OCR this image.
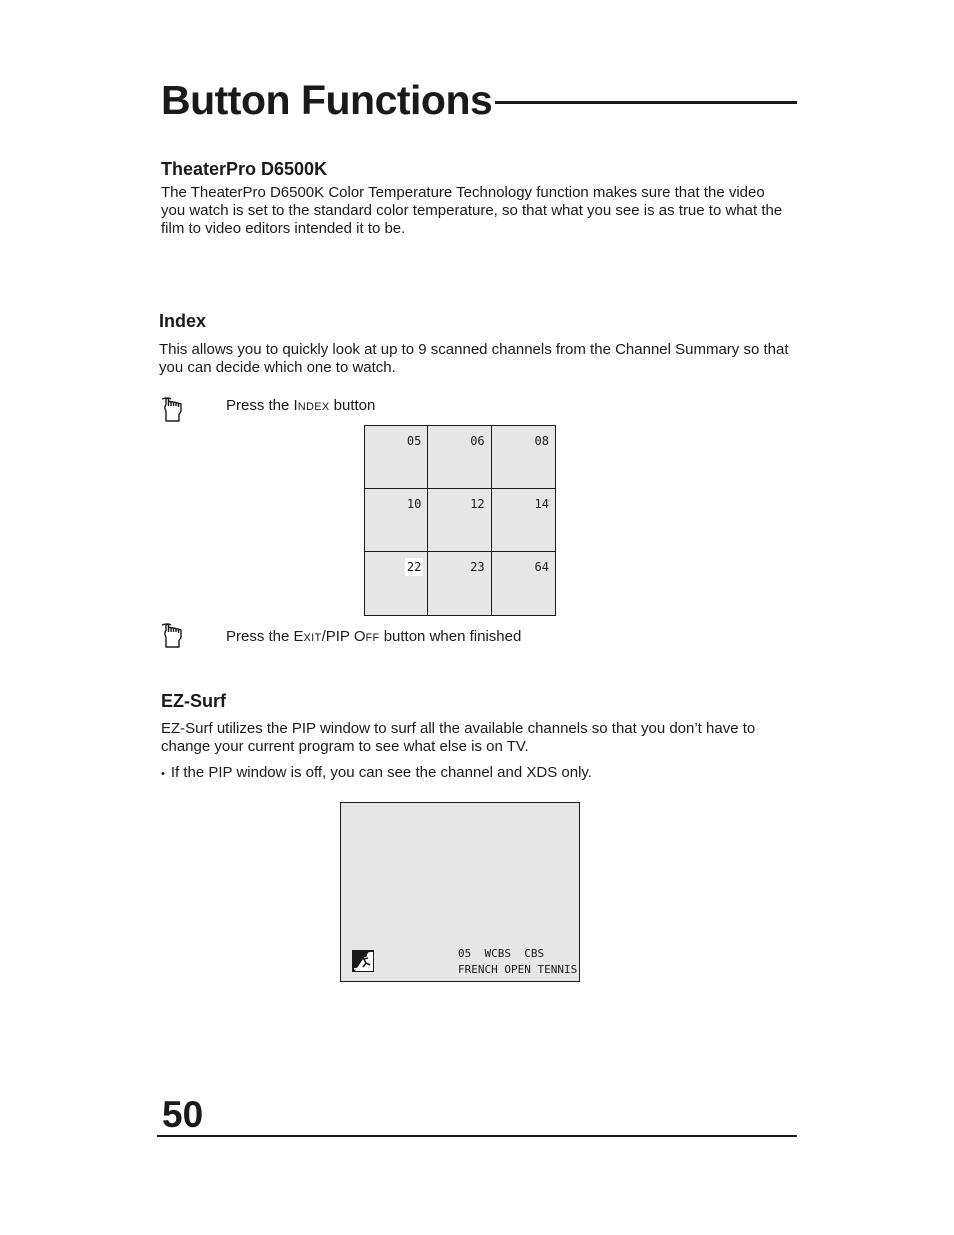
Button Functions
TheaterPro D6500K

The TheaterPro D6500K Color Temperature Technology function makes sure that the video

you watch is set to the standard color temperature, so that what you see is as true to what the

film to video editors intended it to be.

Index

This allows you to quickly look at up to 9 scanned channels from the Channel Summary so that

you can decide which one to watch.

Press the INDEX button
05	06	08
10	12	14
22	23	64
Press the EXIT/PIP OFF button when finished
EZ-Surf

EZ-Surf utilizes the PIP window to surf all the available channels so that you don’t have to

change your current program to see what else is on TV.

• If the PIP window is off, you can see the channel and XDS only.
05  WCBS  CBS
FRENCH OPEN TENNIS
50
